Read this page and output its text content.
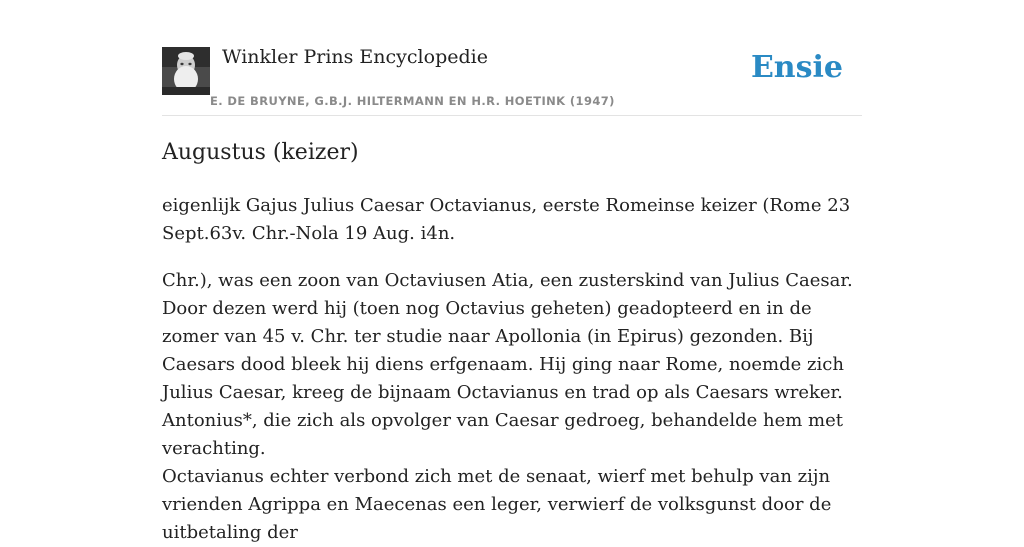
Winkler Prins Encyclopedie
E. DE BRUYNE, G.B.J. HILTERMANN EN H.R. HOETINK (1947)
Ensie
Augustus (keizer)

eigenlijk Gajus Julius Caesar Octavianus, eerste Romeinse keizer (Rome 23 Sept.63v. Chr.-Nola 19 Aug. i4n.

Chr.), was een zoon van Octaviusen Atia, een zusterskind van Julius Caesar. Door dezen werd hij (toen nog Octavius geheten) geadopteerd en in de zomer van 45 v. Chr. ter studie naar Apollonia (in Epirus) gezonden. Bij Caesars dood bleek hij diens erfgenaam. Hij ging naar Rome, noemde zich Julius Caesar, kreeg de bijnaam Octavianus en trad op als Caesars wreker. Antonius*, die zich als opvolger van Caesar gedroeg, behandelde hem met verachting.

Octavianus echter verbond zich met de senaat, wierf met behulp van zijn vrienden Agrippa en Maecenas een leger, verwierf de volksgunst door de uitbetaling der
